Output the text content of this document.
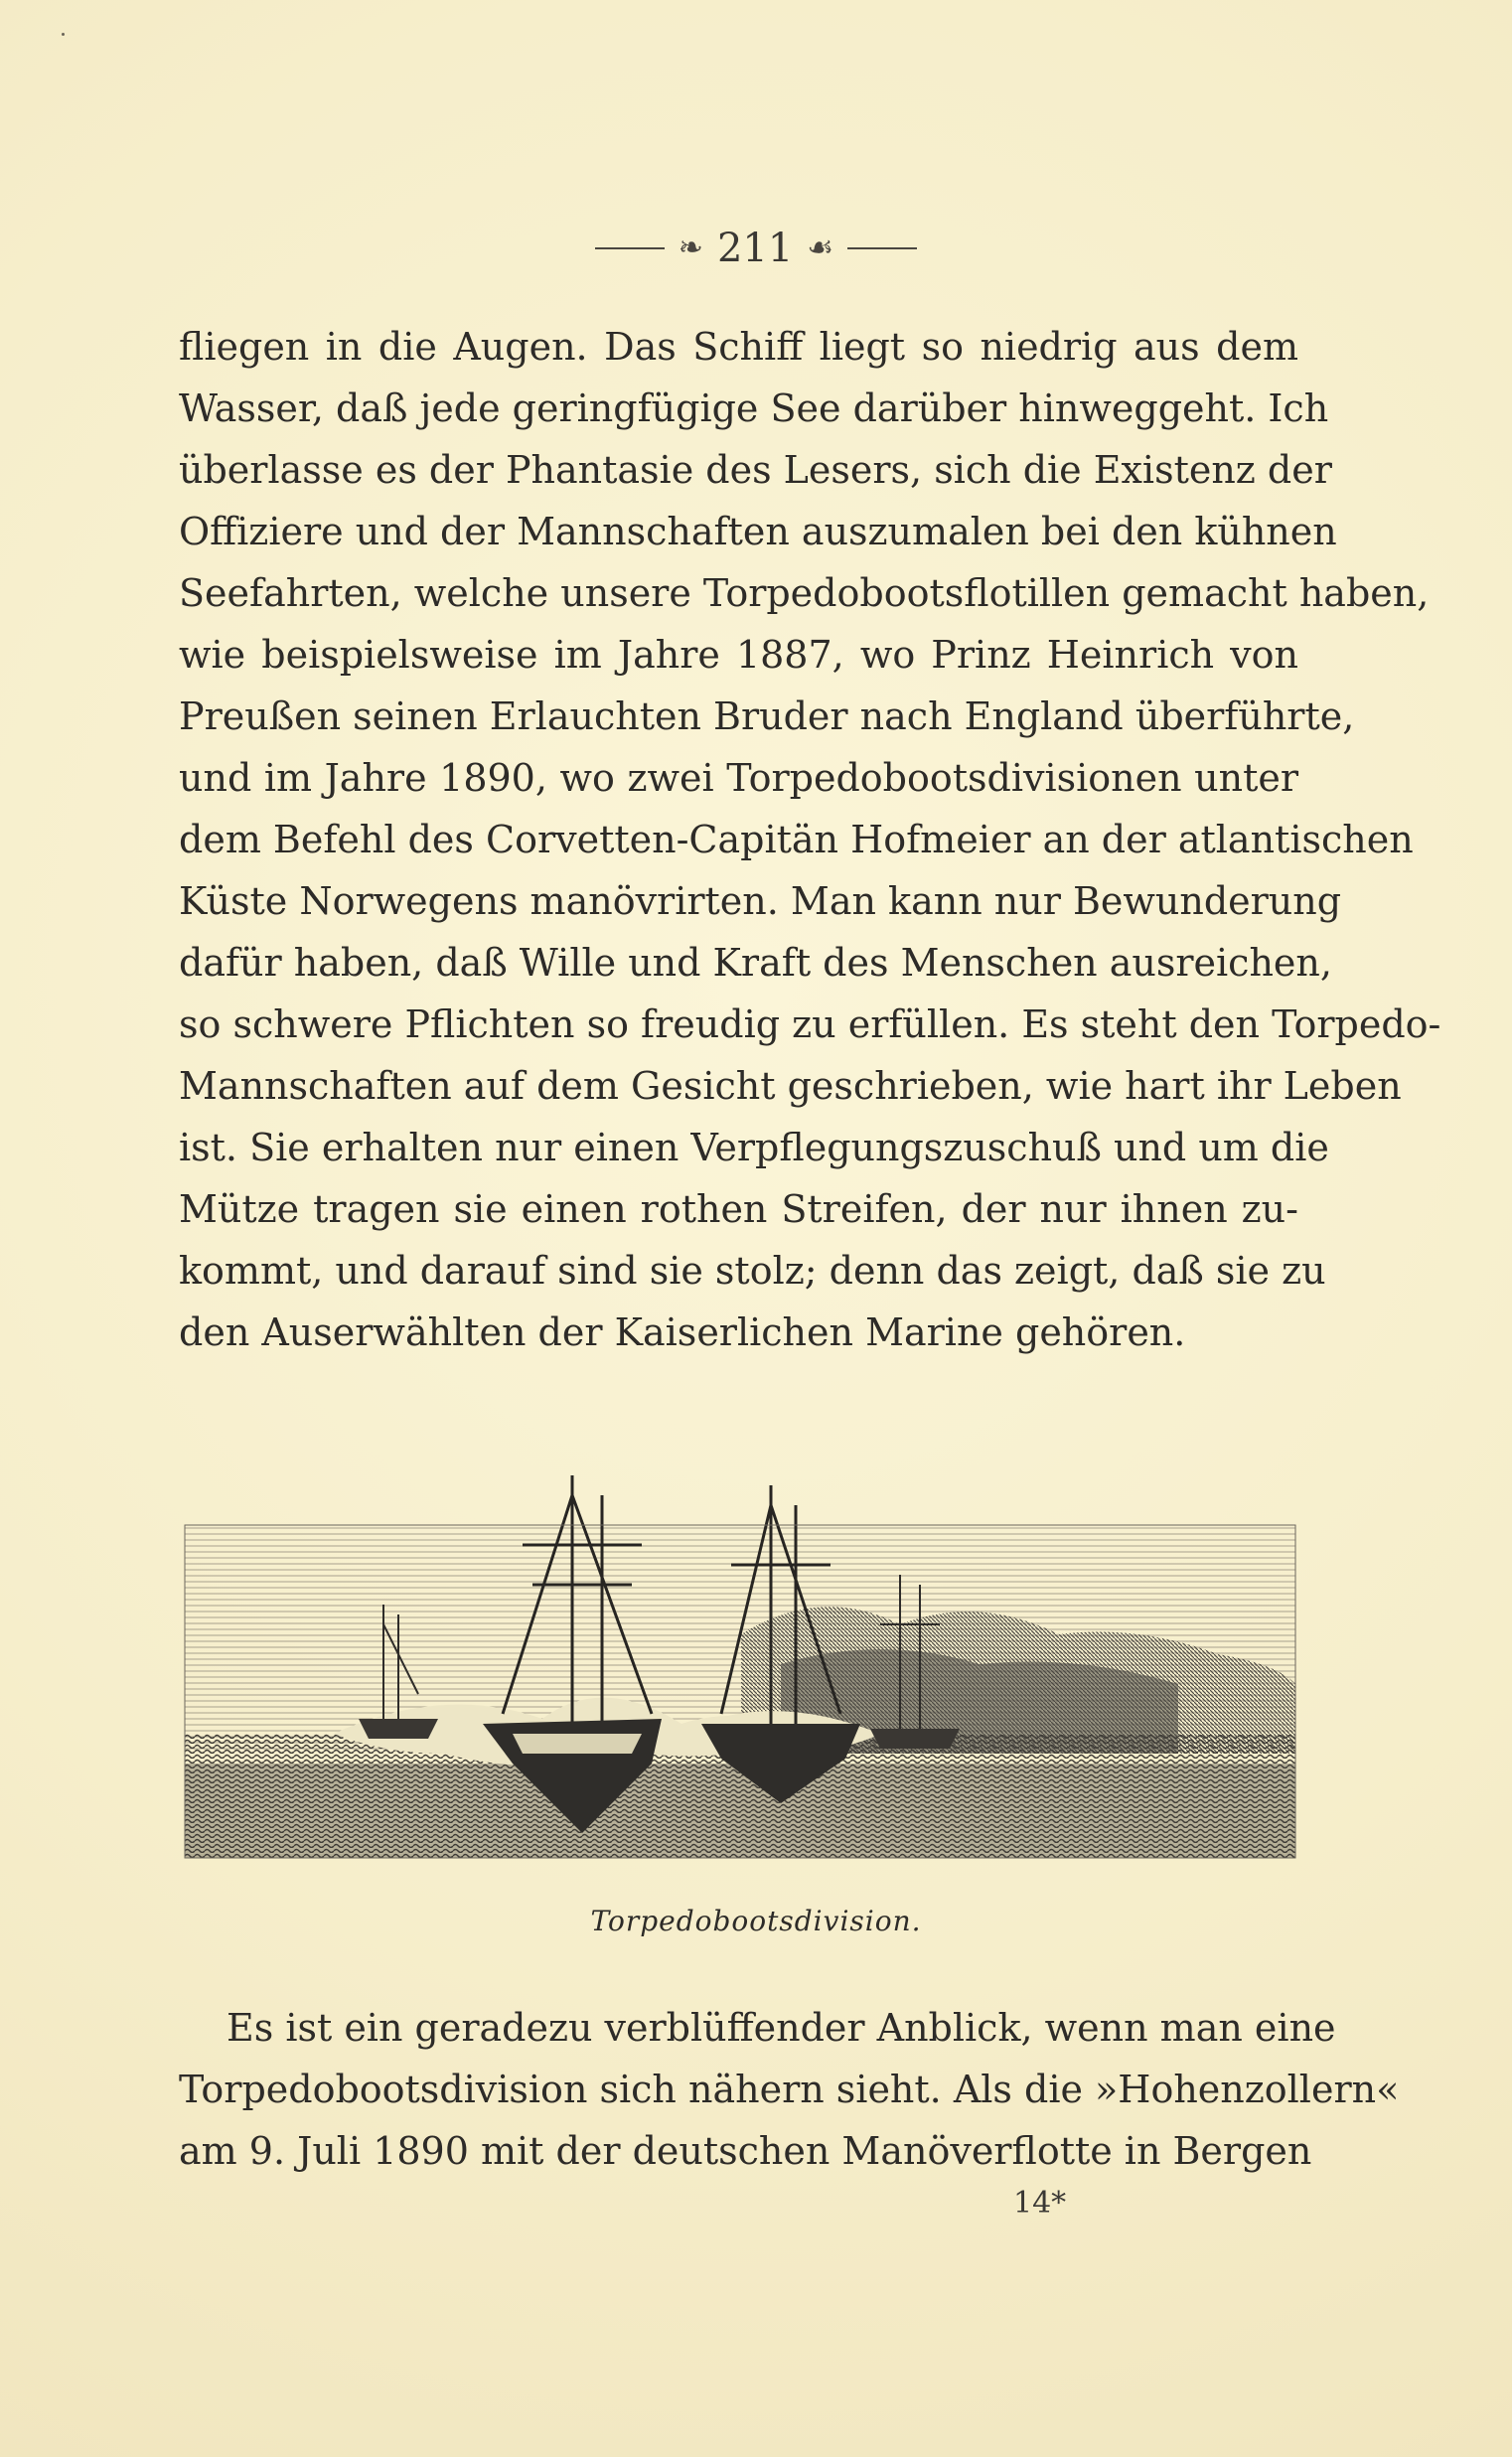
❧ 211 ☙
fliegen in die Augen. Das Schiff liegt so niedrig aus dem
Wasser, daß jede geringfügige See darüber hinweggeht. Ich
überlasse es der Phantasie des Lesers, sich die Existenz der
Offiziere und der Mannschaften auszumalen bei den kühnen
Seefahrten, welche unsere Torpedobootsflotillen gemacht haben,
wie beispielsweise im Jahre 1887, wo Prinz Heinrich von
Preußen seinen Erlauchten Bruder nach England überführte,
und im Jahre 1890, wo zwei Torpedobootsdivisionen unter
dem Befehl des Corvetten-Capitän Hofmeier an der atlantischen
Küste Norwegens manövrirten. Man kann nur Bewunderung
dafür haben, daß Wille und Kraft des Menschen ausreichen,
so schwere Pflichten so freudig zu erfüllen. Es steht den Torpedo-
Mannschaften auf dem Gesicht geschrieben, wie hart ihr Leben
ist. Sie erhalten nur einen Verpflegungszuschuß und um die
Mütze tragen sie einen rothen Streifen, der nur ihnen zu-
kommt, und darauf sind sie stolz; denn das zeigt, daß sie zu
den Auserwählten der Kaiserlichen Marine gehören.
Torpedobootsdivision.
Es ist ein geradezu verblüffender Anblick, wenn man eine
Torpedobootsdivision sich nähern sieht. Als die »Hohenzollern«
am 9. Juli 1890 mit der deutschen Manöverflotte in Bergen
14*
